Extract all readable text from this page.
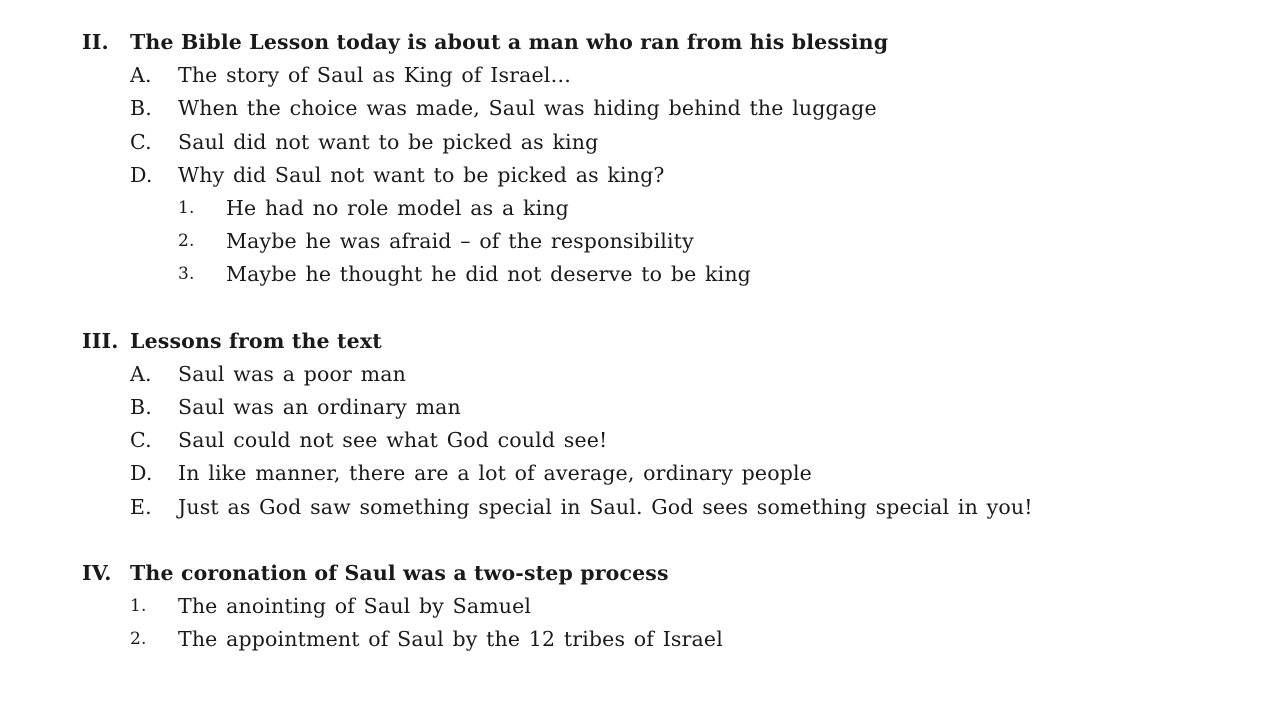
II. The Bible Lesson today is about a man who ran from his blessing
A. The story of Saul as King of Israel…
B. When the choice was made, Saul was hiding behind the luggage
C. Saul did not want to be picked as king
D. Why did Saul not want to be picked as king?
1. He had no role model as a king
2. Maybe he was afraid – of the responsibility
3. Maybe he thought he did not deserve to be king
III. Lessons from the text
A. Saul was a poor man
B. Saul was an ordinary man
C. Saul could not see what God could see!
D. In like manner, there are a lot of average, ordinary people
E. Just as God saw something special in Saul. God sees something special in you!
IV. The coronation of Saul was a two-step process
1. The anointing of Saul by Samuel
2. The appointment of Saul by the 12 tribes of Israel
